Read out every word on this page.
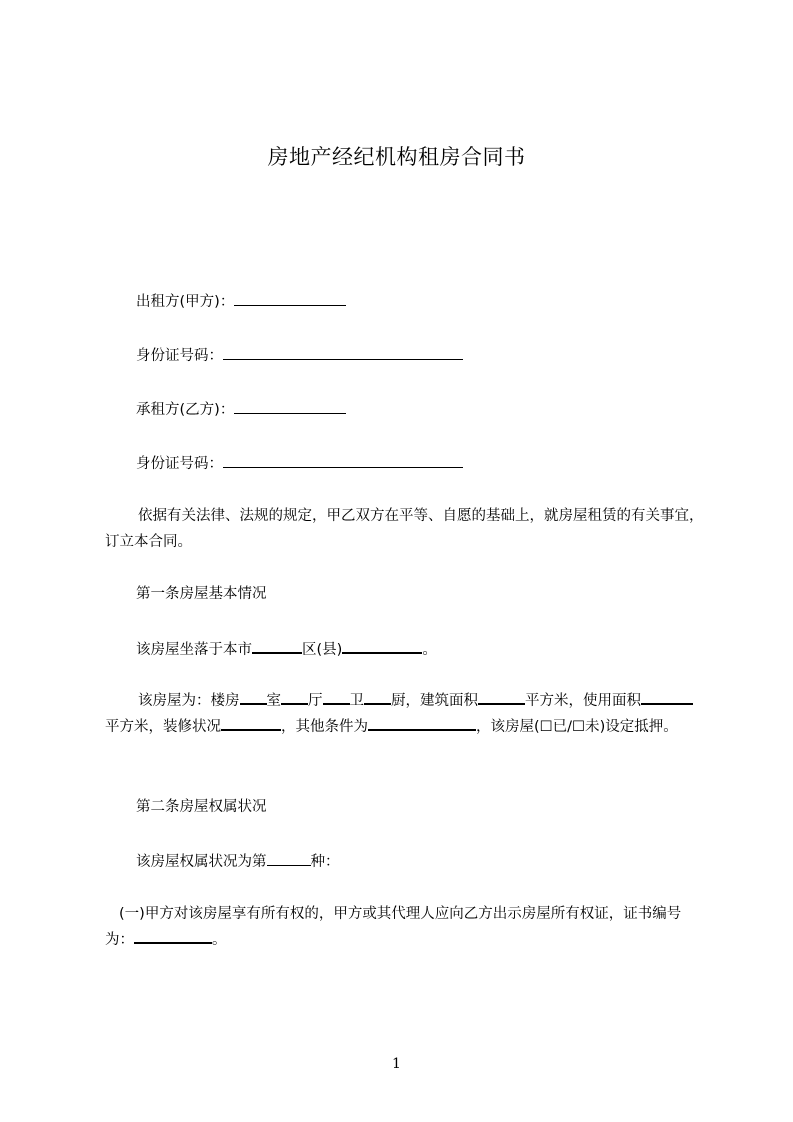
房地产经纪机构租房合同书
出租方(甲方)：
身份证号码：
承租方(乙方)：
身份证号码：
依据有关法律、法规的规定，甲乙双方在平等、自愿的基础上，就房屋租赁的有关事宜，订立本合同。
第一条房屋基本情况
该房屋坐落于本市	区(县)	。
该房屋为：楼房 室 厅 卫 厨，建筑面积	平方米，使用面积平方米，装修状况	，其他条件为	，该房屋(☐已/☐未)设定抵押。
第二条房屋权属状况
该房屋权属状况为第	种：
(一)甲方对该房屋享有所有权的，甲方或其代理人应向乙方出示房屋所有权证，证书编号为：	。
1
